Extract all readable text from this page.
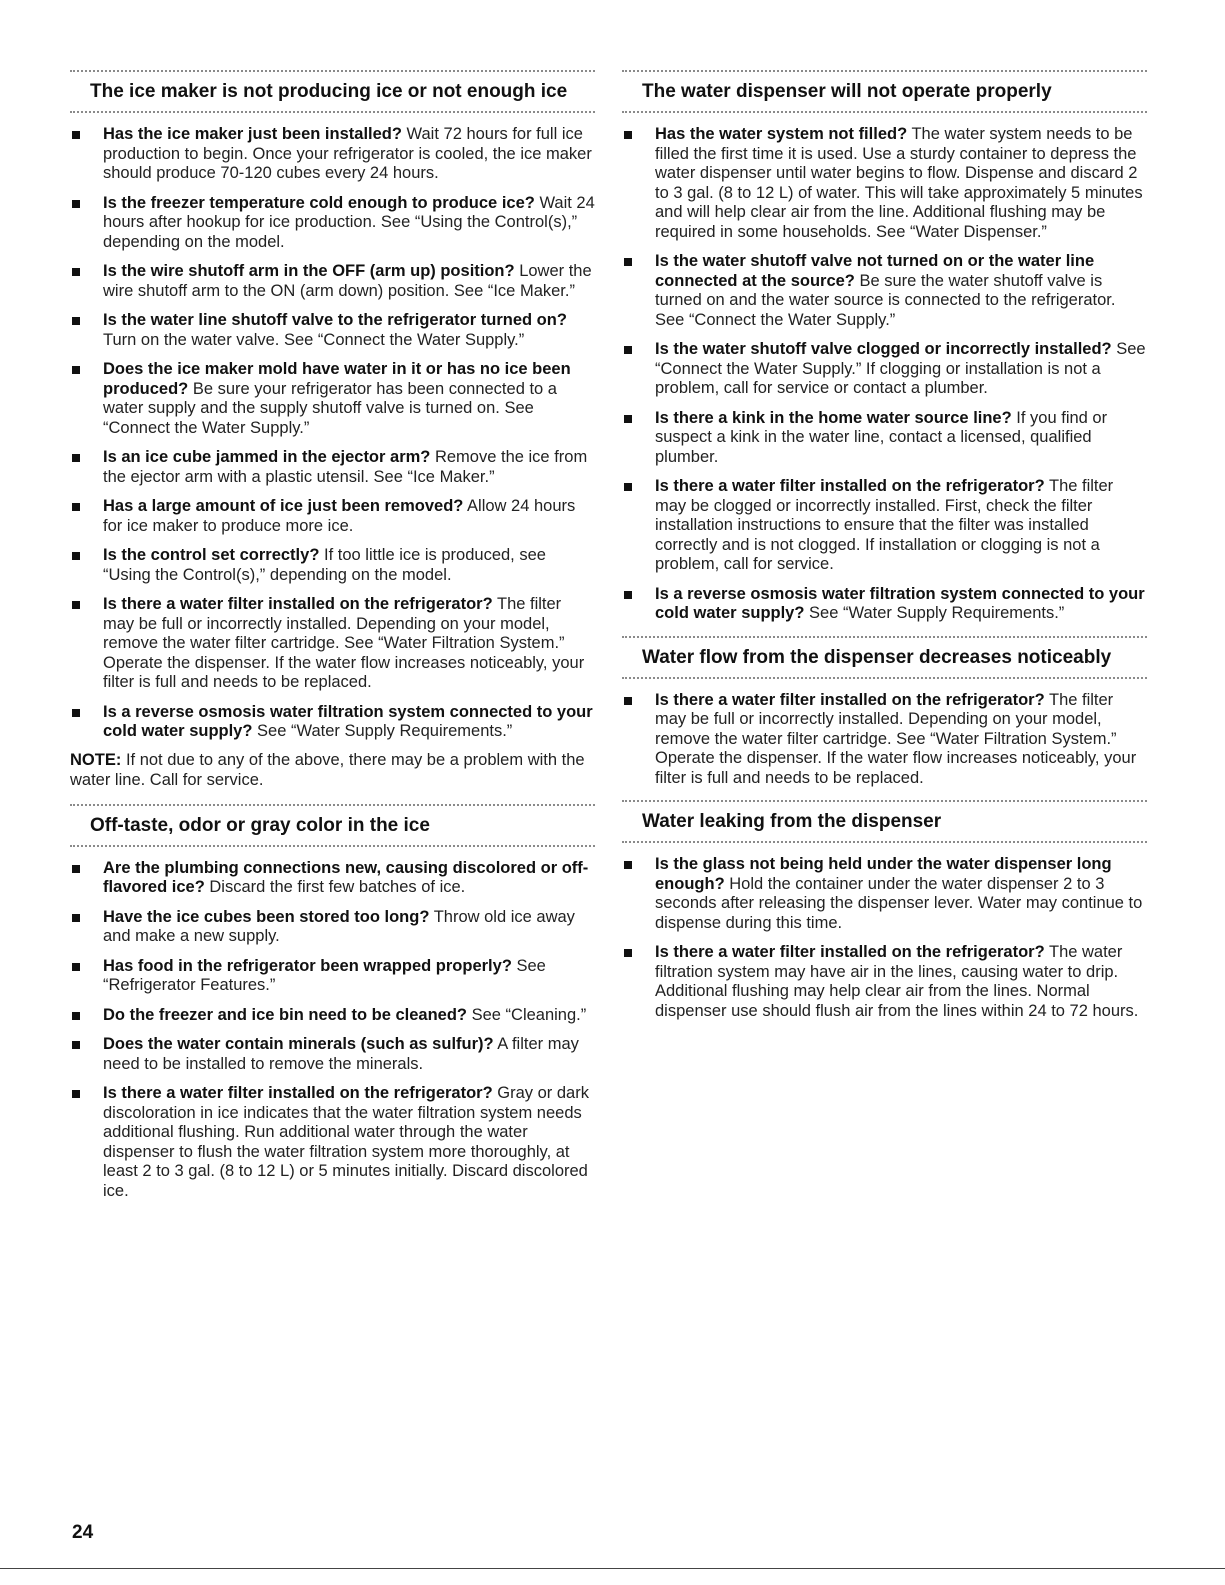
The ice maker is not producing ice or not enough ice
Has the ice maker just been installed? Wait 72 hours for full ice production to begin. Once your refrigerator is cooled, the ice maker should produce 70-120 cubes every 24 hours.
Is the freezer temperature cold enough to produce ice? Wait 24 hours after hookup for ice production. See “Using the Control(s),” depending on the model.
Is the wire shutoff arm in the OFF (arm up) position? Lower the wire shutoff arm to the ON (arm down) position. See “Ice Maker.”
Is the water line shutoff valve to the refrigerator turned on? Turn on the water valve. See “Connect the Water Supply.”
Does the ice maker mold have water in it or has no ice been produced? Be sure your refrigerator has been connected to a water supply and the supply shutoff valve is turned on. See “Connect the Water Supply.”
Is an ice cube jammed in the ejector arm? Remove the ice from the ejector arm with a plastic utensil. See “Ice Maker.”
Has a large amount of ice just been removed? Allow 24 hours for ice maker to produce more ice.
Is the control set correctly? If too little ice is produced, see “Using the Control(s),” depending on the model.
Is there a water filter installed on the refrigerator? The filter may be full or incorrectly installed. Depending on your model, remove the water filter cartridge. See “Water Filtration System.” Operate the dispenser. If the water flow increases noticeably, your filter is full and needs to be replaced.
Is a reverse osmosis water filtration system connected to your cold water supply? See “Water Supply Requirements.”

NOTE: If not due to any of the above, there may be a problem with the water line. Call for service.

Off-taste, odor or gray color in the ice
Are the plumbing connections new, causing discolored or off-flavored ice? Discard the first few batches of ice.
Have the ice cubes been stored too long? Throw old ice away and make a new supply.
Has food in the refrigerator been wrapped properly? See “Refrigerator Features.”
Do the freezer and ice bin need to be cleaned? See “Cleaning.”
Does the water contain minerals (such as sulfur)? A filter may need to be installed to remove the minerals.
Is there a water filter installed on the refrigerator? Gray or dark discoloration in ice indicates that the water filtration system needs additional flushing. Run additional water through the water dispenser to flush the water filtration system more thoroughly, at least 2 to 3 gal. (8 to 12 L) or 5 minutes initially. Discard discolored ice.
The water dispenser will not operate properly
Has the water system not filled? The water system needs to be filled the first time it is used. Use a sturdy container to depress the water dispenser until water begins to flow. Dispense and discard 2 to 3 gal. (8 to 12 L) of water. This will take approximately 5 minutes and will help clear air from the line. Additional flushing may be required in some households. See “Water Dispenser.”
Is the water shutoff valve not turned on or the water line connected at the source? Be sure the water shutoff valve is turned on and the water source is connected to the refrigerator. See “Connect the Water Supply.”
Is the water shutoff valve clogged or incorrectly installed? See “Connect the Water Supply.” If clogging or installation is not a problem, call for service or contact a plumber.
Is there a kink in the home water source line? If you find or suspect a kink in the water line, contact a licensed, qualified plumber.
Is there a water filter installed on the refrigerator? The filter may be clogged or incorrectly installed. First, check the filter installation instructions to ensure that the filter was installed correctly and is not clogged. If installation or clogging is not a problem, call for service.
Is a reverse osmosis water filtration system connected to your cold water supply? See “Water Supply Requirements.”
Water flow from the dispenser decreases noticeably
Is there a water filter installed on the refrigerator? The filter may be full or incorrectly installed. Depending on your model, remove the water filter cartridge. See “Water Filtration System.” Operate the dispenser. If the water flow increases noticeably, your filter is full and needs to be replaced.
Water leaking from the dispenser
Is the glass not being held under the water dispenser long enough? Hold the container under the water dispenser 2 to 3 seconds after releasing the dispenser lever. Water may continue to dispense during this time.
Is there a water filter installed on the refrigerator? The water filtration system may have air in the lines, causing water to drip. Additional flushing may help clear air from the lines. Normal dispenser use should flush air from the lines within 24 to 72 hours.
24
